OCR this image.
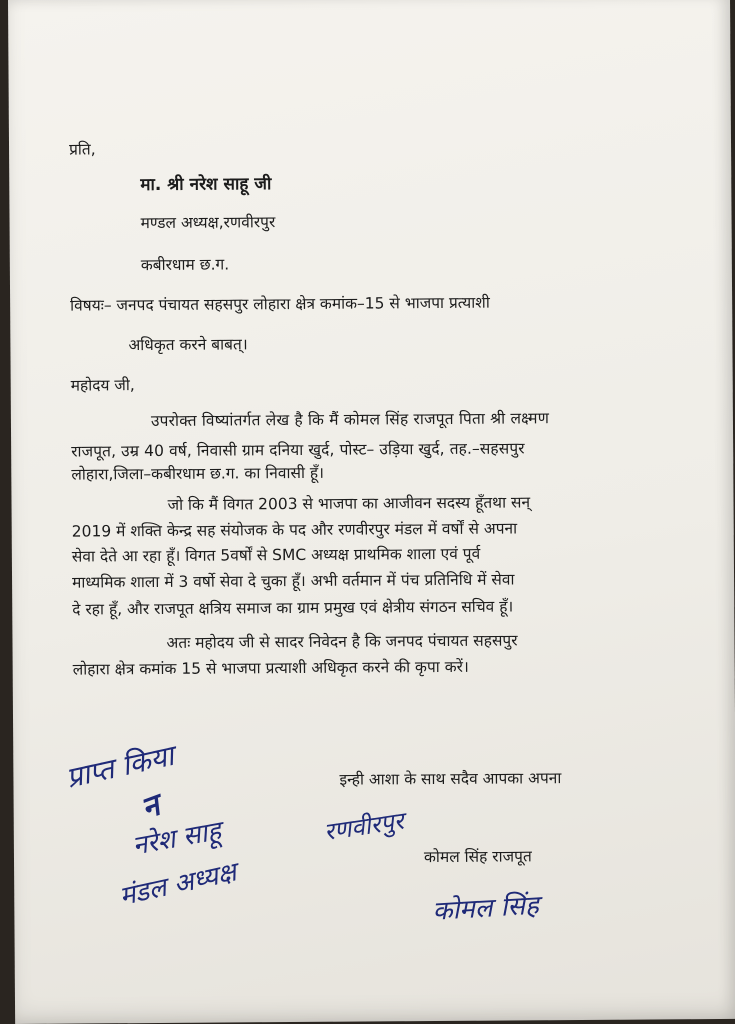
प्रति,
मा. श्री नरेश साहू जी
मण्डल अध्यक्ष,रणवीरपुर
कबीरधाम छ.ग.
विषयः– जनपद पंचायत सहसपुर लोहारा क्षेत्र कमांक–15 से भाजपा प्रत्याशी
अधिकृत करने बाबत्।
महोदय जी,
उपरोक्त विष्यांतर्गत लेख है कि मैं कोमल सिंह राजपूत पिता श्री लक्ष्मण
राजपूत, उम्र 40 वर्ष, निवासी ग्राम दनिया खुर्द, पोस्ट– उड़िया खुर्द, तह.–सहसपुर
लोहारा,जिला–कबीरधाम छ.ग. का निवासी हूँ।
जो कि मैं विगत 2003 से भाजपा का आजीवन सदस्य हूँतथा सन्
2019 में शक्ति केन्द्र सह संयोजक के पद और रणवीरपुर मंडल में वर्षों से अपना
सेवा देते आ रहा हूँ। विगत 5वर्षों से SMC अध्यक्ष प्राथमिक शाला एवं पूर्व
माध्यमिक शाला में 3 वर्षो सेवा दे चुका हूँ। अभी वर्तमान में पंच प्रतिनिधि में सेवा
दे रहा हूँ, और राजपूत क्षत्रिय समाज का ग्राम प्रमुख एवं क्षेत्रीय संगठन सचिव हूँ।
अतः महोदय जी से सादर निवेदन है कि जनपद पंचायत सहसपुर
लोहारा क्षेत्र कमांक 15 से भाजपा प्रत्याशी अधिकृत करने की कृपा करें।
इन्ही आशा के साथ सदैव आपका अपना
कोमल सिंह राजपूत
प्राप्त किया
न
नरेश साहू	रणवीरपुर
मंडल अध्यक्ष	कोमल सिंह
